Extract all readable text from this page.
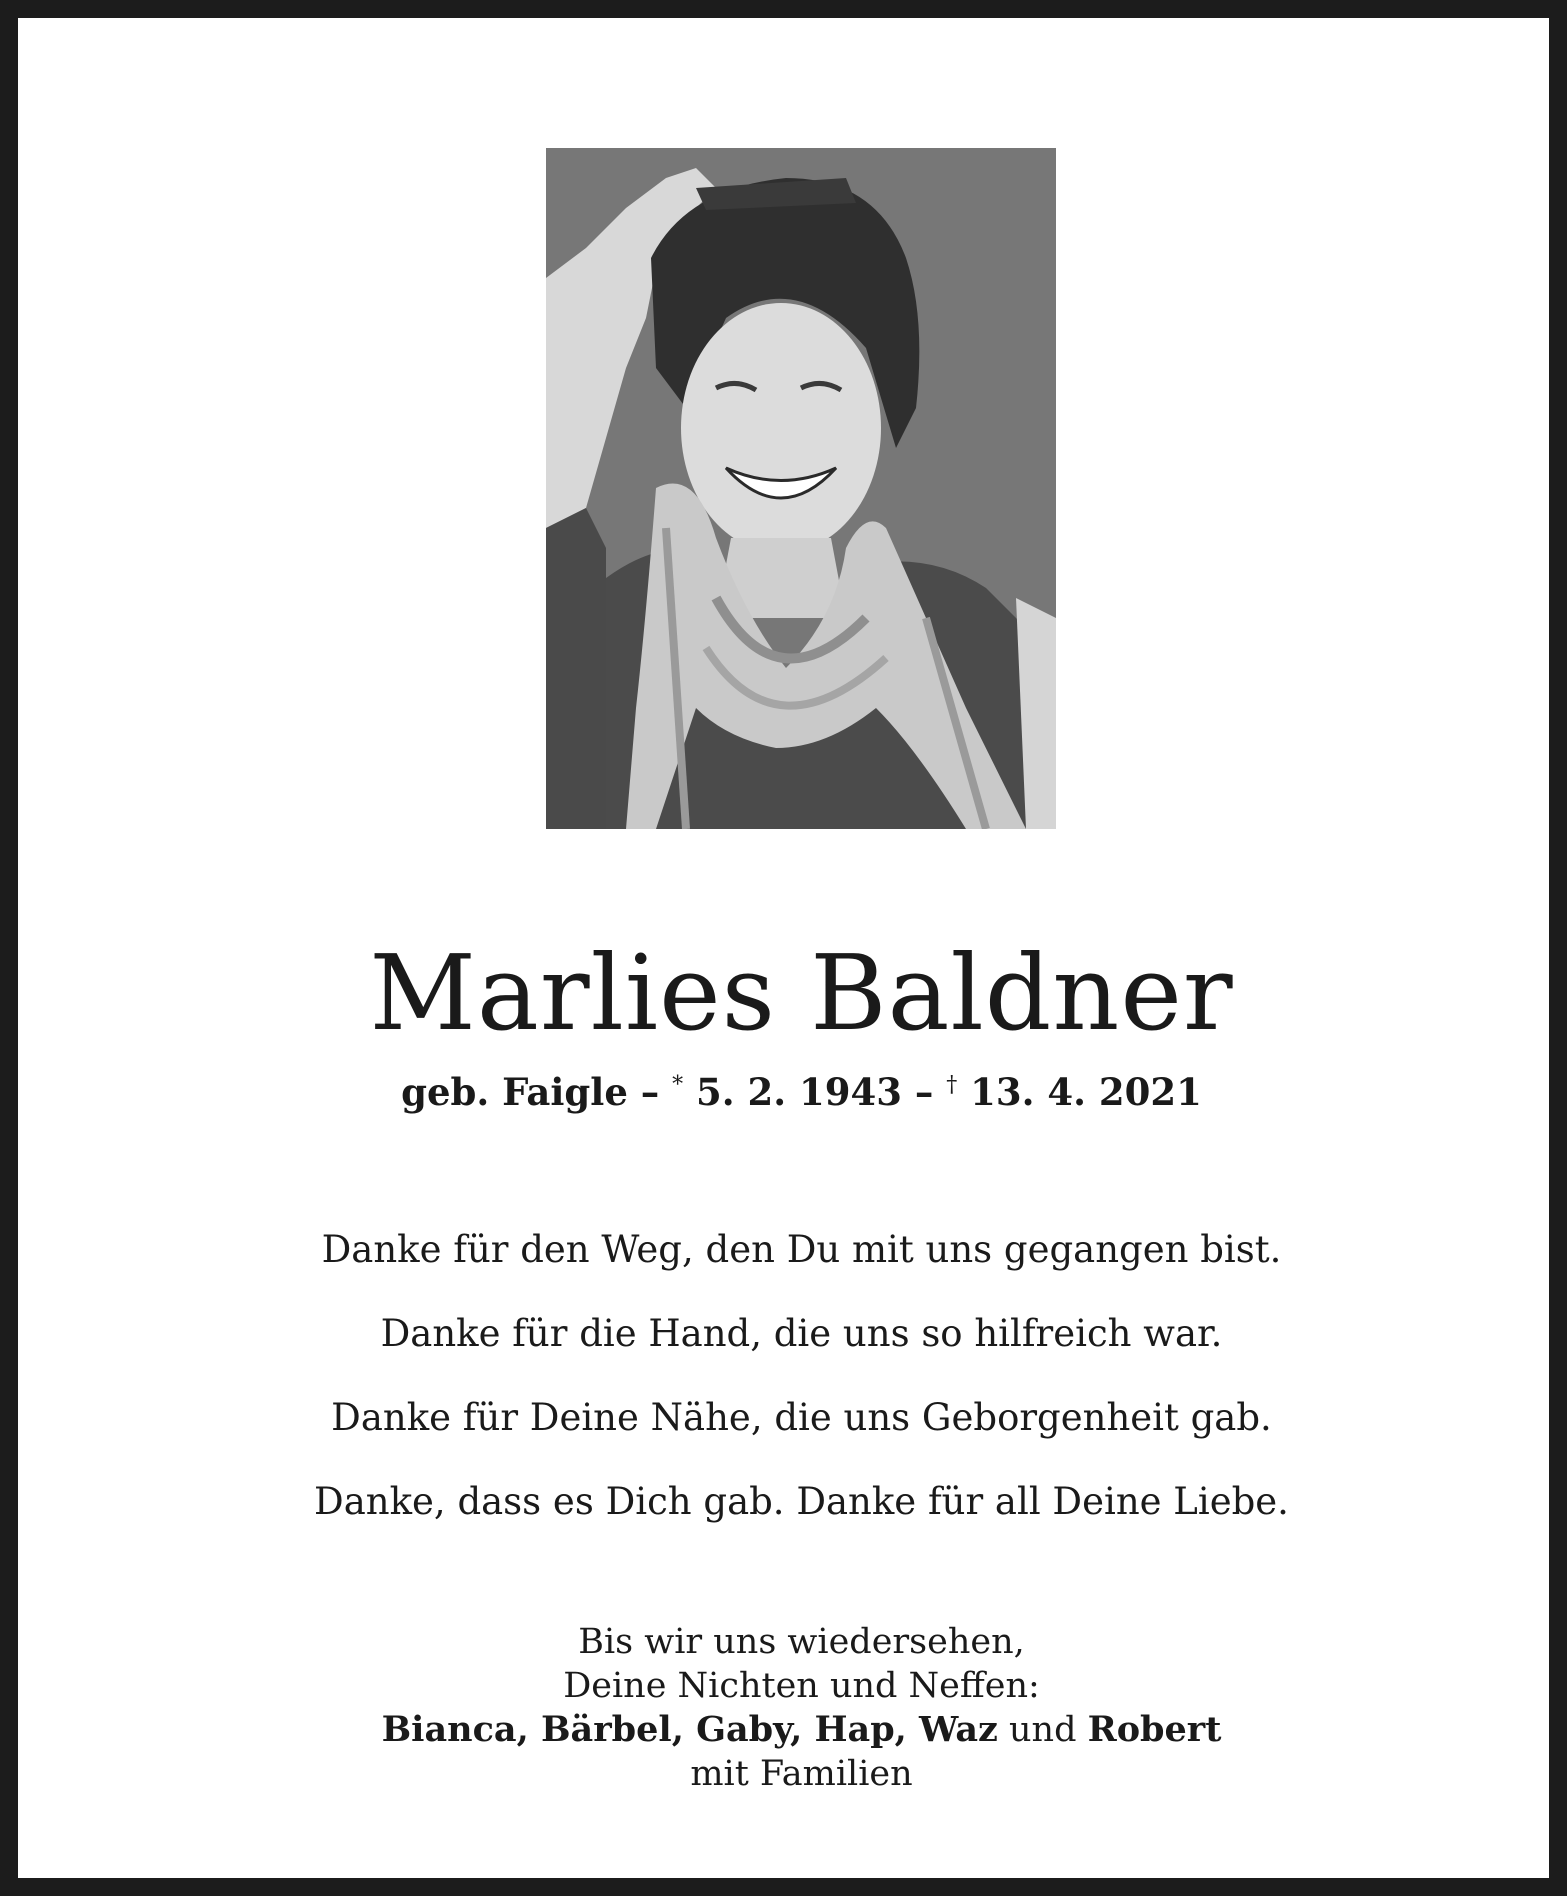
Marlies Baldner
geb. Faigle – * 5. 2. 1943 – † 13. 4. 2021
Danke für den Weg, den Du mit uns gegangen bist.
Danke für die Hand, die uns so hilfreich war.
Danke für Deine Nähe, die uns Geborgenheit gab.
Danke, dass es Dich gab. Danke für all Deine Liebe.
Bis wir uns wiedersehen,
Deine Nichten und Neffen:
Bianca, Bärbel, Gaby, Hap, Waz und Robert
mit Familien
